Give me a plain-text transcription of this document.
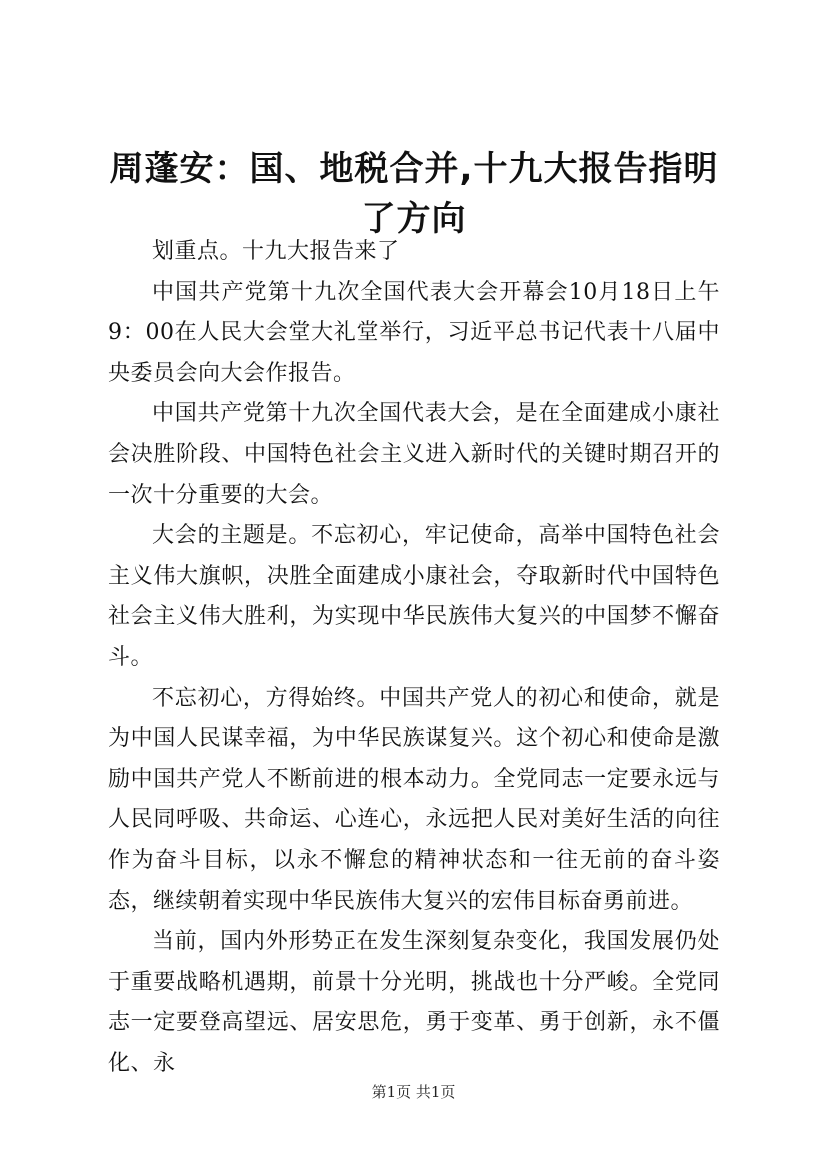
周蓬安：国、地税合并,十九大报告指明了方向

划重点。十九大报告来了

中国共产党第十九次全国代表大会开幕会10月18日上午9：00在人民大会堂大礼堂举行，习近平总书记代表十八届中央委员会向大会作报告。

中国共产党第十九次全国代表大会，是在全面建成小康社会决胜阶段、中国特色社会主义进入新时代的关键时期召开的一次十分重要的大会。

大会的主题是。不忘初心，牢记使命，高举中国特色社会主义伟大旗帜，决胜全面建成小康社会，夺取新时代中国特色社会主义伟大胜利，为实现中华民族伟大复兴的中国梦不懈奋斗。

不忘初心，方得始终。中国共产党人的初心和使命，就是为中国人民谋幸福，为中华民族谋复兴。这个初心和使命是激励中国共产党人不断前进的根本动力。全党同志一定要永远与人民同呼吸、共命运、心连心，永远把人民对美好生活的向往作为奋斗目标，以永不懈怠的精神状态和一往无前的奋斗姿态，继续朝着实现中华民族伟大复兴的宏伟目标奋勇前进。

当前，国内外形势正在发生深刻复杂变化，我国发展仍处于重要战略机遇期，前景十分光明，挑战也十分严峻。全党同志一定要登高望远、居安思危，勇于变革、勇于创新，永不僵化、永

第1页 共1页
